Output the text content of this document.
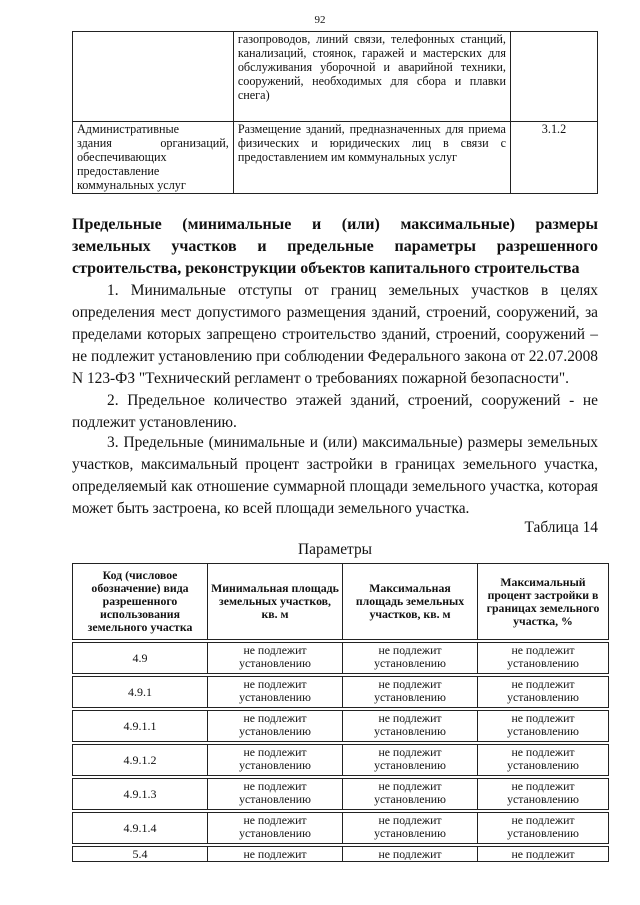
92
	газопроводов, линий связи, телефонных станций, канализаций, стоянок, гаражей и мастерских для обслуживания уборочной и аварийной техники, сооружений, необходимых для сбора и плавки снега)	

Административные
здания организаций,
обеспечивающих
предоставление
коммунальных услуг	Размещение зданий, предназначенных для приема физических и юридических лиц в связи с предоставлением им коммунальных услуг	3.1.2
Предельные (минимальные и (или) максимальные) размеры
земельных участков и предельные параметры разрешенного
строительства, реконструкции объектов капитального строительства
1. Минимальные отступы от границ земельных участков в целях
определения мест допустимого размещения зданий, строений, сооружений, за
пределами которых запрещено строительство зданий, строений, сооружений –
не подлежит установлению при соблюдении Федерального закона от 22.07.2008
N 123-ФЗ "Технический регламент о требованиях пожарной безопасности".
2. Предельное количество этажей зданий, строений, сооружений - не
подлежит установлению.
3. Предельные (минимальные и (или) максимальные) размеры земельных
участков, максимальный процент застройки в границах земельного участка,
определяемый как отношение суммарной площади земельного участка, которая
может быть застроена, ко всей площади земельного участка.
Таблица 14
Параметры
Код (числовое обозначение) вида разрешенного использования земельного участка	Минимальная площадь земельных участков, кв. м	Максимальная площадь земельных участков, кв. м	Максимальный процент застройки в границах земельного участка, %

4.9	не подлежит установлению	не подлежит установлению	не подлежит установлению

4.9.1	не подлежит установлению	не подлежит установлению	не подлежит установлению

4.9.1.1	не подлежит установлению	не подлежит установлению	не подлежит установлению

4.9.1.2	не подлежит установлению	не подлежит установлению	не подлежит установлению

4.9.1.3	не подлежит установлению	не подлежит установлению	не подлежит установлению

4.9.1.4	не подлежит установлению	не подлежит установлению	не подлежит установлению

5.4	не подлежит	не подлежит	не подлежит
